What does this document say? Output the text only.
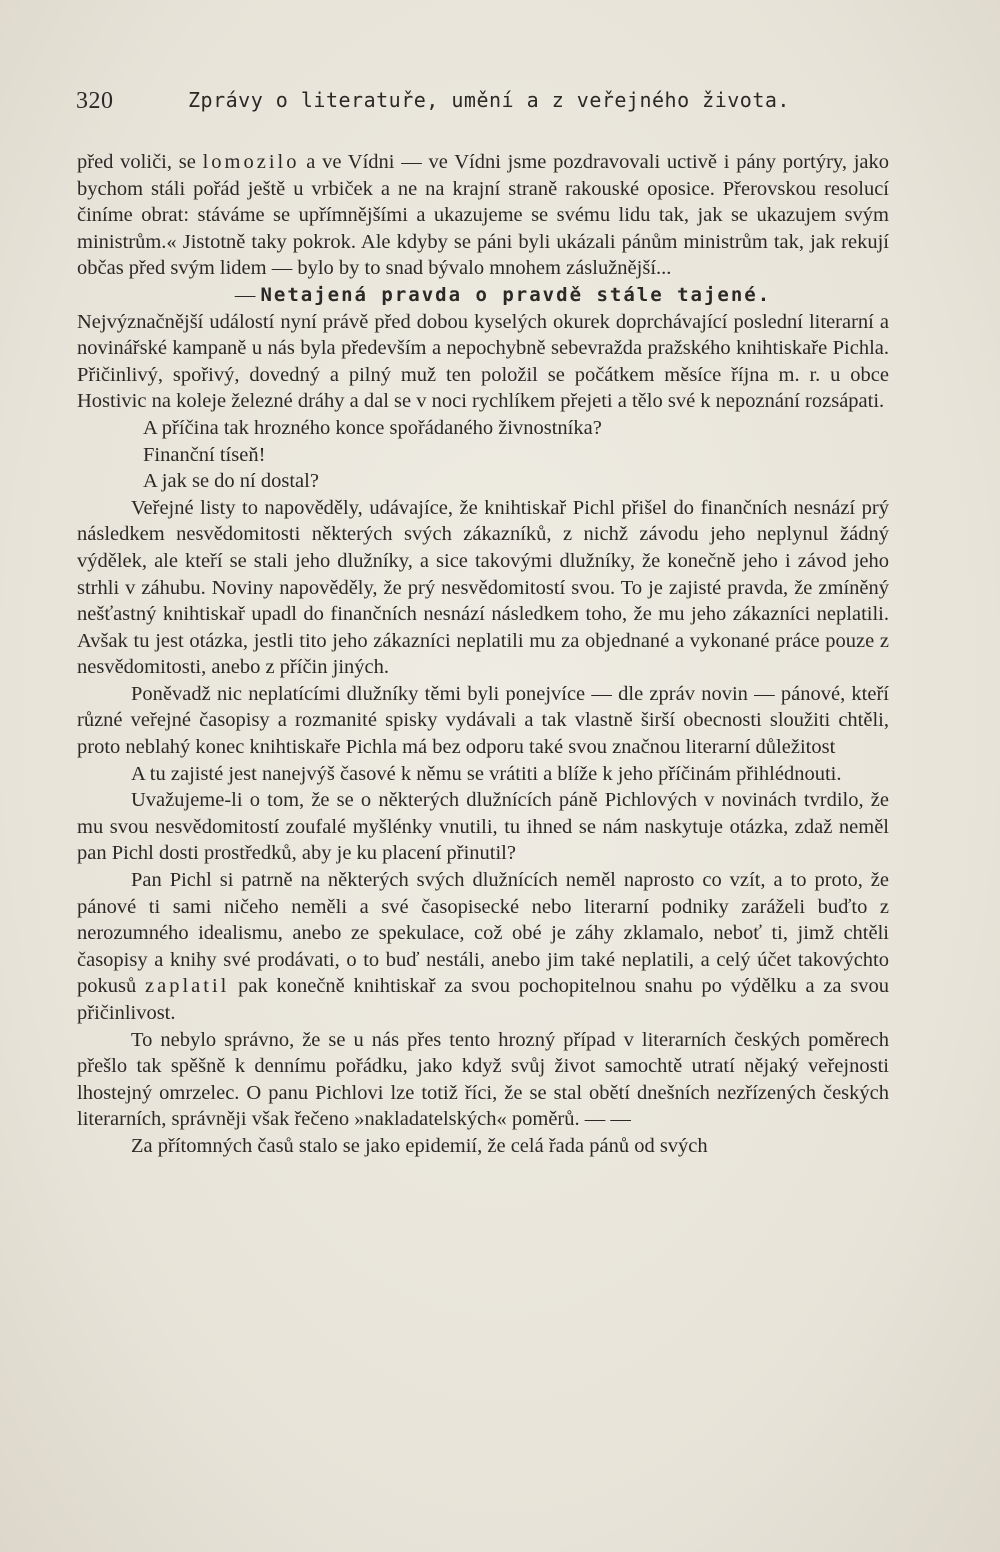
320	Zprávy o literatuře, umění a z veřejného života.

před voliči, se lomozilo a ve Vídni — ve Vídni jsme pozdravovali uctivě i pány portýry, jako bychom stáli pořád ještě u vrbiček a ne na krajní straně rakouské oposice. Přerovskou resolucí činíme obrat: stáváme se upřímnějšími a ukazujeme se svému lidu tak, jak se ukazujem svým ministrům.« Jistotně taky pokrok. Ale kdyby se páni byli ukázali pánům ministrům tak, jak rekují občas před svým lidem — bylo by to snad bývalo mnohem záslužnější...

— Netajená pravda o pravdě stále tajené.

Nejvýznačnější událostí nyní právě před dobou kyselých okurek doprchávající poslední literarní a novinářské kampaně u nás byla především a nepochybně sebevražda pražského knihtiskaře Pichla. Přičinlivý, spořivý, dovedný a pilný muž ten položil se počátkem měsíce října m. r. u obce Hostivic na koleje železné dráhy a dal se v noci rychlíkem přejeti a tělo své k nepoznání rozsápati.

A příčina tak hrozného konce spořádaného živnostníka?

Finanční tíseň!

A jak se do ní dostal?

Veřejné listy to napověděly, udávajíce, že knihtiskař Pichl přišel do finančních nesnází prý následkem nesvědomitosti některých svých zákazníků, z nichž závodu jeho neplynul žádný výdělek, ale kteří se stali jeho dlužníky, a sice takovými dlužníky, že konečně jeho i závod jeho strhli v záhubu. Noviny napověděly, že prý nesvědomitostí svou. To je zajisté pravda, že zmíněný nešťastný knihtiskař upadl do finančních nesnází následkem toho, že mu jeho zákazníci neplatili. Avšak tu jest otázka, jestli tito jeho zákazníci neplatili mu za objednané a vykonané práce pouze z nesvědomitosti, anebo z příčin jiných.

Poněvadž nic neplatícími dlužníky těmi byli ponejvíce — dle zpráv novin — pánové, kteří různé veřejné časopisy a rozmanité spisky vydávali a tak vlastně širší obecnosti sloužiti chtěli, proto neblahý konec knihtiskaře Pichla má bez odporu také svou značnou literarní důležitost

A tu zajisté jest nanejvýš časové k němu se vrátiti a blíže k jeho příčinám přihlédnouti.

Uvažujeme-li o tom, že se o některých dlužnících páně Pichlových v novinách tvrdilo, že mu svou nesvědomitostí zoufalé myšlénky vnutili, tu ihned se nám naskytuje otázka, zdaž neměl pan Pichl dosti prostředků, aby je ku placení přinutil?

Pan Pichl si patrně na některých svých dlužnících neměl naprosto co vzít, a to proto, že pánové ti sami ničeho neměli a své časopisecké nebo literarní podniky zaráželi buďto z nerozumného idealismu, anebo ze spekulace, což obé je záhy zklamalo, neboť ti, jimž chtěli časopisy a knihy své prodávati, o to buď nestáli, anebo jim také neplatili, a celý účet takovýchto pokusů zaplatil pak konečně knihtiskař za svou pochopitelnou snahu po výdělku a za svou přičinlivost.

To nebylo správno, že se u nás přes tento hrozný případ v literarních českých poměrech přešlo tak spěšně k dennímu pořádku, jako když svůj život samochtě utratí nějaký veřejnosti lhostejný omrzelec. O panu Pichlovi lze totiž říci, že se stal obětí dnešních nezřízených českých literarních, správněji však řečeno »nakladatelských« poměrů. — —

Za přítomných časů stalo se jako epidemií, že celá řada pánů od svých
